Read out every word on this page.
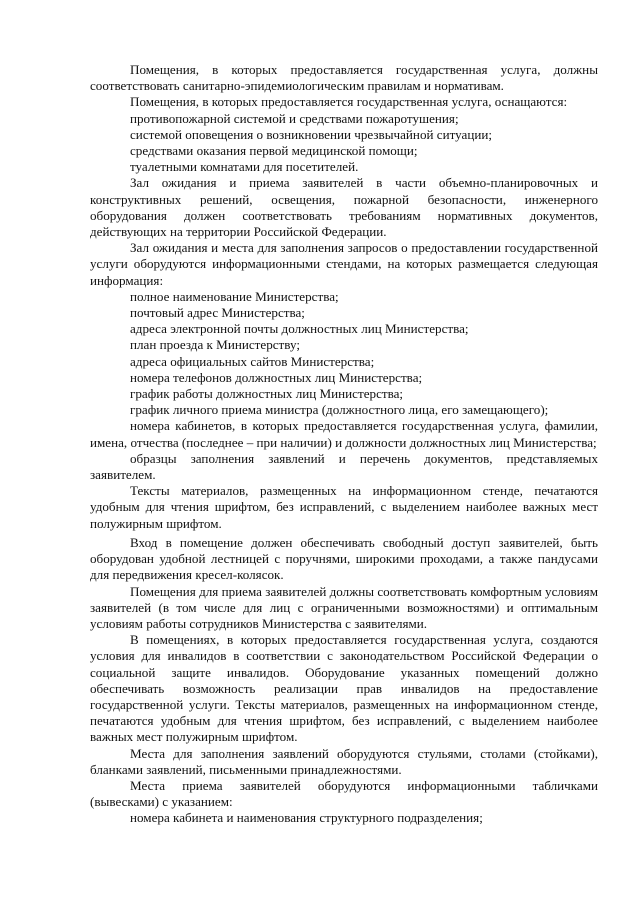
Помещения, в которых предоставляется государственная услуга, должны соответствовать санитарно-эпидемиологическим правилам и нормативам.

Помещения, в которых предоставляется государственная услуга, оснащаются:

противопожарной системой и средствами пожаротушения;

системой оповещения о возникновении чрезвычайной ситуации;

средствами оказания первой медицинской помощи;

туалетными комнатами для посетителей.

Зал ожидания и приема заявителей в части объемно-планировочных и конструктивных решений, освещения, пожарной безопасности, инженерного оборудования должен соответствовать требованиям нормативных документов, действующих на территории Российской Федерации.

Зал ожидания и места для заполнения запросов о предоставлении государственной услуги оборудуются информационными стендами, на которых размещается следующая информация:

полное наименование Министерства;

почтовый адрес Министерства;

адреса электронной почты должностных лиц Министерства;

план проезда к Министерству;

адреса официальных сайтов Министерства;

номера телефонов должностных лиц Министерства;

график работы должностных лиц Министерства;

график личного приема министра (должностного лица, его замещающего);

номера кабинетов, в которых предоставляется государственная услуга, фамилии, имена, отчества (последнее – при наличии) и должности должностных лиц Министерства;

образцы заполнения заявлений и перечень документов, представляемых заявителем.

Тексты материалов, размещенных на информационном стенде, печатаются удобным для чтения шрифтом, без исправлений, с выделением наиболее важных мест полужирным шрифтом.

Вход в помещение должен обеспечивать свободный доступ заявителей, быть оборудован удобной лестницей с поручнями, широкими проходами, а также пандусами для передвижения кресел-колясок.

Помещения для приема заявителей должны соответствовать комфортным условиям заявителей (в том числе для лиц с ограниченными возможностями) и оптимальным условиям работы сотрудников Министерства с заявителями.

В помещениях, в которых предоставляется государственная услуга, создаются условия для инвалидов в соответствии с законодательством Российской Федерации о социальной защите инвалидов. Оборудование указанных помещений должно обеспечивать возможность реализации прав инвалидов на предоставление государственной услуги. Тексты материалов, размещенных на информационном стенде, печатаются удобным для чтения шрифтом, без исправлений, с выделением наиболее важных мест полужирным шрифтом.

Места для заполнения заявлений оборудуются стульями, столами (стойками), бланками заявлений, письменными принадлежностями.

Места приема заявителей оборудуются информационными табличками (вывесками) с указанием:

номера кабинета и наименования структурного подразделения;
